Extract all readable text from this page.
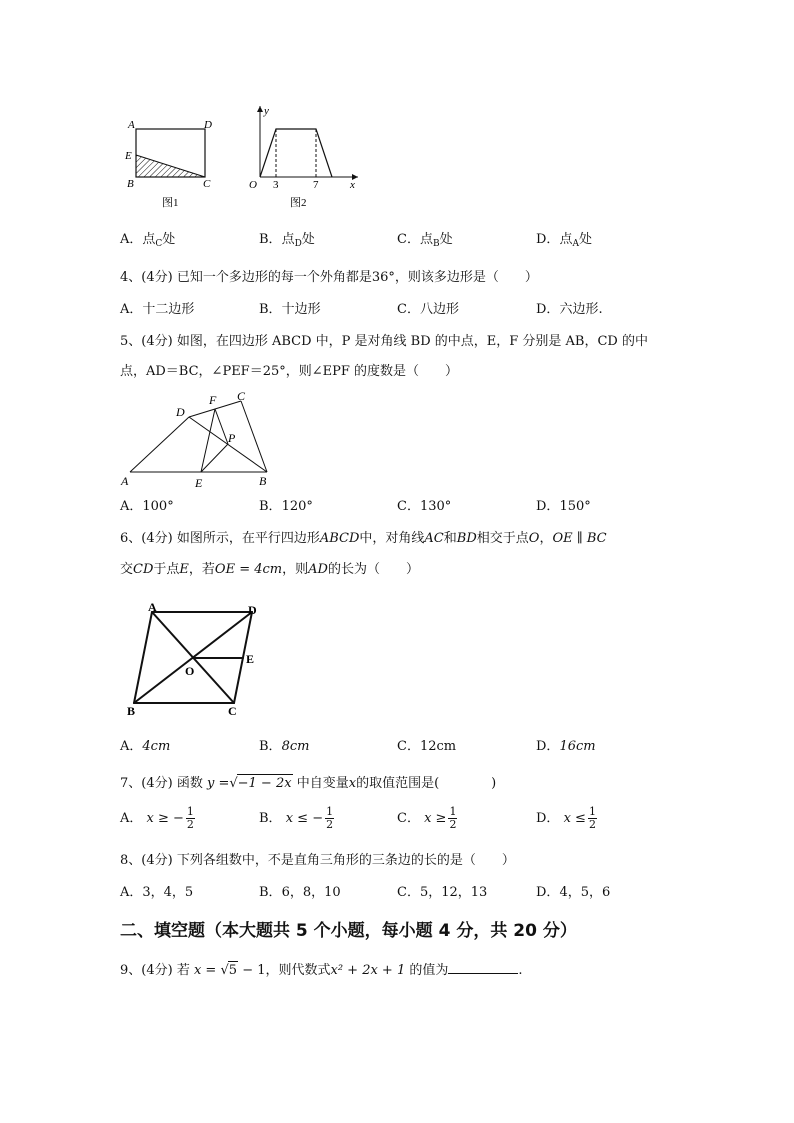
A	D
E
B	C
图1
y
O 3	7	x
图2
A．点$_C$处	B．点$_D$处	C．点$_B$处	D．点$_A$处
4、(4分) 已知一个多边形的每一个外角都是36°，则该多边形是（　　）
A．十二边形	B．十边形	C．八边形	D．六边形.
5、(4分) 如图，在四边形 ABCD 中，P 是对角线 BD 的中点，E，F 分别是 AB，CD 的中
点，AD＝BC，∠PEF＝25°，则∠EPF 的度数是（　　）
A	E	B
D
F C
P
A．100°	B．120°	C．130°	D．150°
6、(4分) 如图所示，在平行四边形ABCD中，对角线AC和BD相交于点O，OE ∥ BC
交CD于点E，若OE = 4cm，则AD的长为（　　）
A	D
E
O
B	C
A．4cm	B．8cm	C．12cm	D．16cm
7、(4分) 函数 y =√−1 − 2x 中自变量x的取值范围是(　　　　)
A． x ≥ − $\frac{1}{2}$	B． x ≤ − $\frac{1}{2}$	C． $x \ge \frac{1}{2}$	D． $x \le \frac{1}{2}$
8、(4分) 下列各组数中，不是直角三角形的三条边的长的是（　　）
A．3，4，5	B．6，8，10	C．5，12，13	D．4，5，6
二、填空题（本大题共 5 个小题，每小题 4 分，共 20 分）
9、(4分) 若 x = √5 − 1，则代数式x² + 2x + 1 的值为	.
